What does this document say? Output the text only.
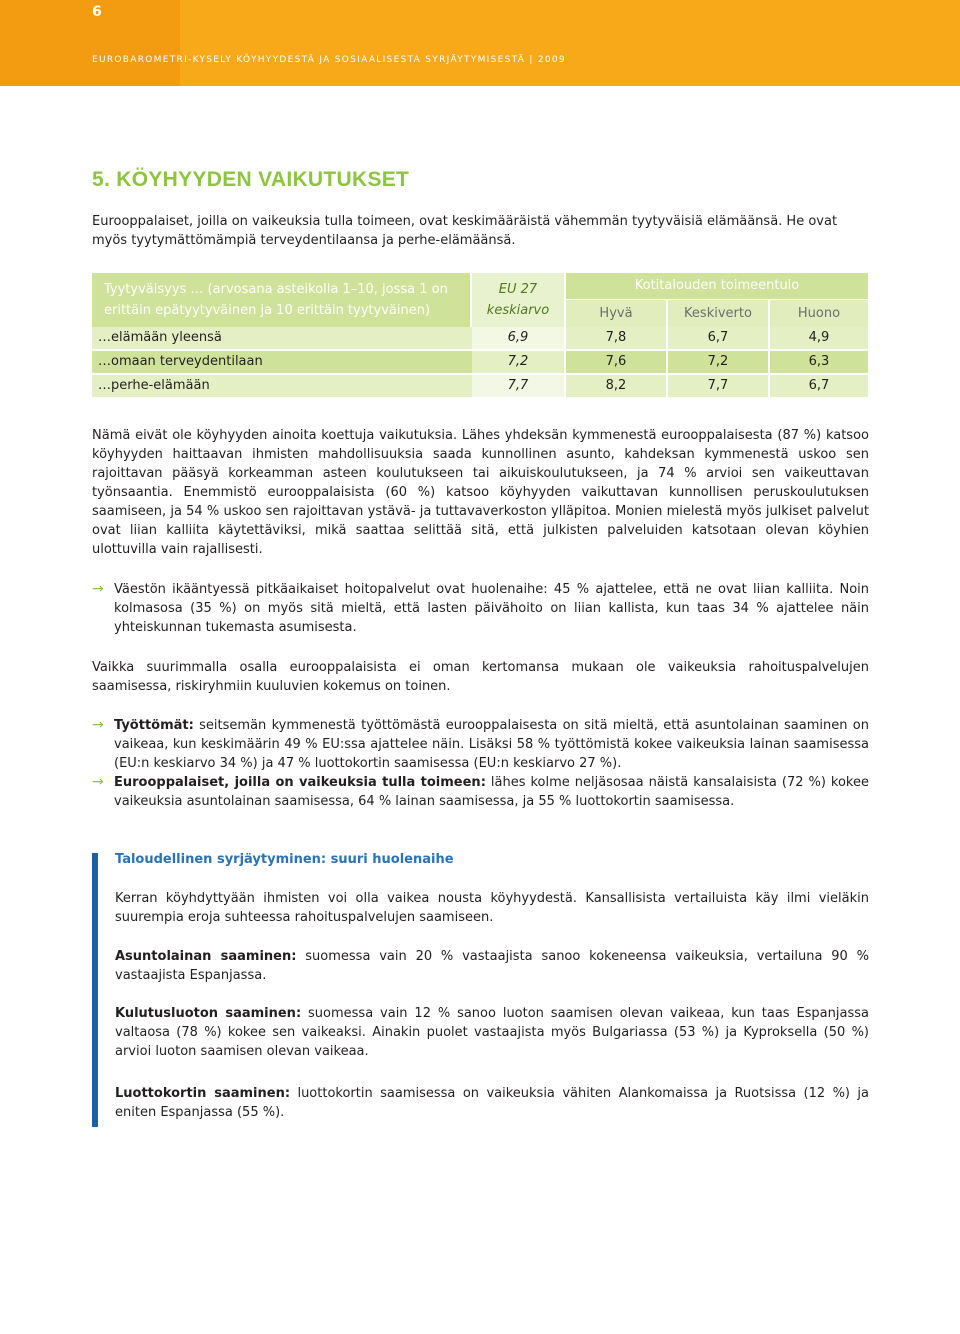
6
EUROBAROMETRI-KYSELY KÖYHYYDESTÄ JA SOSIAALISESTA SYRJÄYTYMISESTÄ | 2009
5. KÖYHYYDEN VAIKUTUKSET
Eurooppalaiset, joilla on vaikeuksia tulla toimeen, ovat keskimääräistä vähemmän tyytyväisiä elämäänsä. He ovat myös tyytymättömämpiä terveydentilaansa ja perhe-elämäänsä.
Tyytyväisyys … (arvosana asteikolla 1–10, jossa 1 on erittäin epätyytyväinen ja 10 erittäin tyytyväinen)
EU 27
keskiarvo
Kotitalouden toimeentulo
Hyvä	Keskiverto	Huono
…elämään yleensä	6,9	7,8	6,7	4,9
…omaan terveydentilaan	7,2	7,6	7,2	6,3
…perhe-elämään	7,7	8,2	7,7	6,7
Nämä eivät ole köyhyyden ainoita koettuja vaikutuksia. Lähes yhdeksän kymmenestä eurooppalaisesta (87 %) katsoo köyhyyden haittaavan ihmisten mahdollisuuksia saada kunnollinen asunto, kahdeksan kymmenestä uskoo sen rajoittavan pääsyä korkeamman asteen koulutukseen tai aikuiskoulutukseen, ja 74 % arvioi sen vaikeuttavan työnsaantia. Enemmistö eurooppalaisista (60 %) katsoo köyhyyden vaikuttavan kunnollisen peruskoulutuksen saamiseen, ja 54 % uskoo sen rajoittavan ystävä- ja tuttavaverkoston ylläpitoa. Monien mielestä myös julkiset palvelut ovat liian kalliita käytettäviksi, mikä saattaa selittää sitä, että julkisten palveluiden katsotaan olevan köyhien ulottuvilla vain rajallisesti.
→ Väestön ikääntyessä pitkäaikaiset hoitopalvelut ovat huolenaihe: 45 % ajattelee, että ne ovat liian kalliita. Noin kolmasosa (35 %) on myös sitä mieltä, että lasten päivähoito on liian kallista, kun taas 34 % ajattelee näin yhteiskunnan tukemasta asumisesta.
Vaikka suurimmalla osalla eurooppalaisista ei oman kertomansa mukaan ole vaikeuksia rahoituspalvelujen saamisessa, riskiryhmiin kuuluvien kokemus on toinen.
→ Työttömät: seitsemän kymmenestä työttömästä eurooppalaisesta on sitä mieltä, että asuntolainan saaminen on vaikeaa, kun keskimäärin 49 % EU:ssa ajattelee näin. Lisäksi 58 % työttömistä kokee vaikeuksia lainan saamisessa (EU:n keskiarvo 34 %) ja 47 % luottokortin saamisessa (EU:n keskiarvo 27 %).
→ Eurooppalaiset, joilla on vaikeuksia tulla toimeen: lähes kolme neljäsosaa näistä kansalaisista (72 %) kokee vaikeuksia asuntolainan saamisessa, 64 % lainan saamisessa, ja 55 % luottokortin saamisessa.
Taloudellinen syrjäytyminen: suuri huolenaihe
Kerran köyhdyttyään ihmisten voi olla vaikea nousta köyhyydestä. Kansallisista vertailuista käy ilmi vieläkin suurempia eroja suhteessa rahoituspalvelujen saamiseen.
Asuntolainan saaminen: suomessa vain 20 % vastaajista sanoo kokeneensa vaikeuksia, vertailuna 90 % vastaajista Espanjassa.
Kulutusluoton saaminen: suomessa vain 12 % sanoo luoton saamisen olevan vaikeaa, kun taas Espanjassa valtaosa (78 %) kokee sen vaikeaksi. Ainakin puolet vastaajista myös Bulgariassa (53 %) ja Kyproksella (50 %) arvioi luoton saamisen olevan vaikeaa.
Luottokortin saaminen: luottokortin saamisessa on vaikeuksia vähiten Alankomaissa ja Ruotsissa (12 %) ja eniten Espanjassa (55 %).
